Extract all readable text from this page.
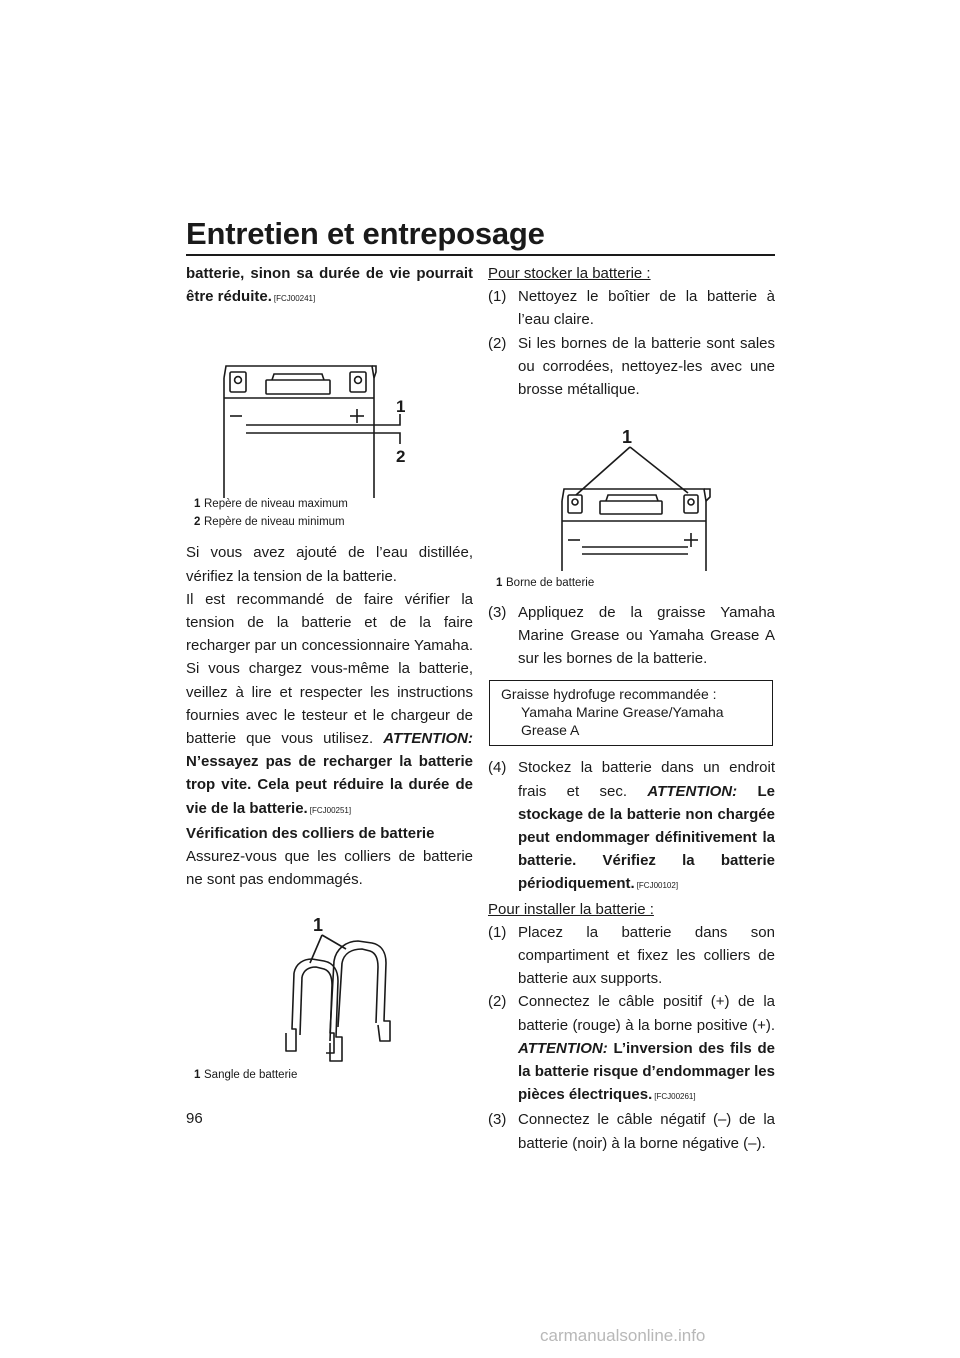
Entretien et entreposage

batterie, sinon sa durée de vie pourrait être réduite. [FCJ00241]

1
2
1 Repère de niveau maximum
2 Repère de niveau minimum

Si vous avez ajouté de l’eau distillée, vérifiez la tension de la batterie.

Il est recommandé de faire vérifier la tension de la batterie et de la faire recharger par un concessionnaire Yamaha. Si vous chargez vous-même la batterie, veillez à lire et respecter les instructions fournies avec le testeur et le chargeur de batterie que vous utilisez. ATTENTION: N’essayez pas de recharger la batterie trop vite. Cela peut réduire la durée de vie de la batterie. [FCJ00251]

Vérification des colliers de batterie

Assurez-vous que les colliers de batterie ne sont pas endommagés.

1
1 Sangle de batterie

Pour stocker la batterie :

(1) Nettoyez le boîtier de la batterie à l’eau claire.
(2) Si les bornes de la batterie sont sales ou corrodées, nettoyez-les avec une brosse métallique.
1
1 Borne de batterie
(3) Appliquez de la graisse Yamaha Marine Grease ou Yamaha Grease A sur les bornes de la batterie.
Graisse hydrofuge recommandée :
Yamaha Marine Grease/Yamaha Grease A
(4) Stockez la batterie dans un endroit frais et sec. ATTENTION: Le stockage de la batterie non chargée peut endommager définitivement la batterie. Vérifiez la batterie périodiquement. [FCJ00102]

Pour installer la batterie :

(1) Placez la batterie dans son compartiment et fixez les colliers de batterie aux supports.
(2) Connectez le câble positif (+) de la batterie (rouge) à la borne positive (+). ATTENTION: L’inversion des fils de la batterie risque d’endommager les pièces électriques. [FCJ00261]
(3) Connectez le câble négatif (–) de la batterie (noir) à la borne négative (–).
96
carmanualsonline.info
